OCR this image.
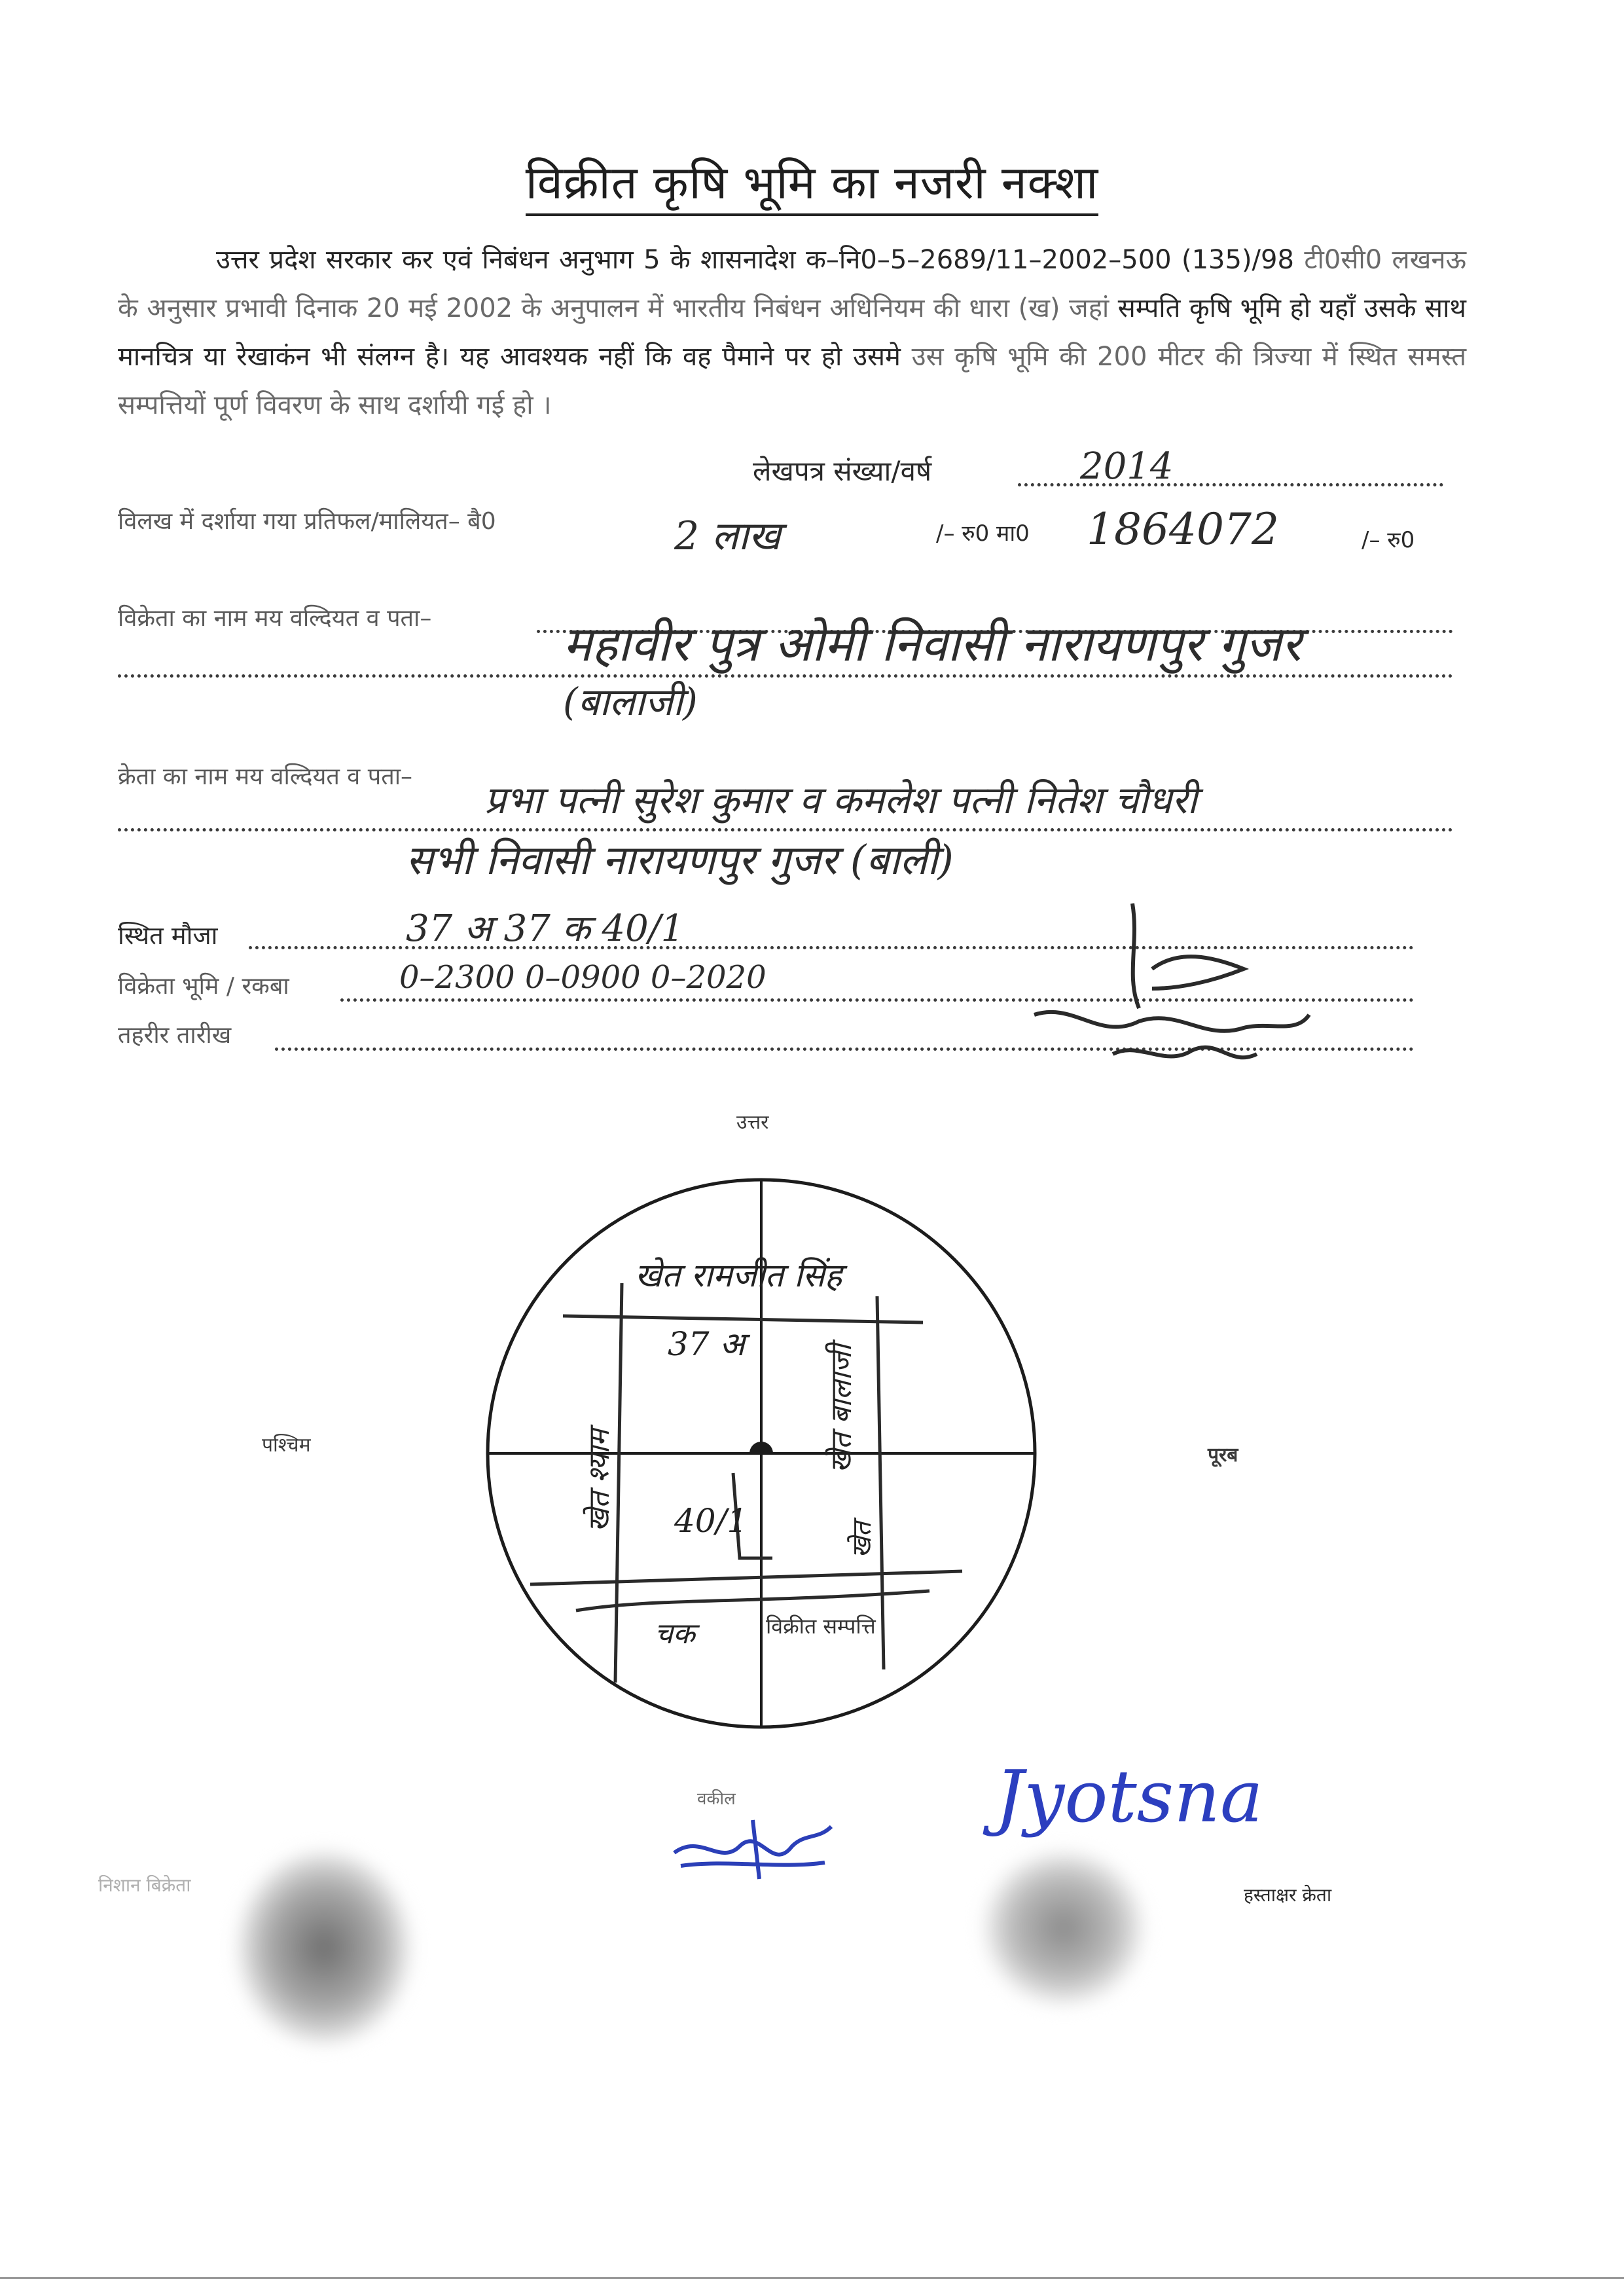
विक्रीत कृषि भूमि का नजरी नक्शा
उत्तर प्रदेश सरकार कर एवं निबंधन अनुभाग 5 के शासनादेश क–नि0–5–2689/11–2002–500 (135)/98 टी0सी0 लखनऊ के अनुसार प्रभावी दिनाक 20 मई 2002 के अनुपालन में भारतीय निबंधन अधिनियम की धारा (ख) जहां सम्पति कृषि भूमि हो यहाँ उसके साथ मानचित्र या रेखाकंन भी संलग्न है। यह आवश्यक नहीं कि वह पैमाने पर हो उसमे उस कृषि भूमि की 200 मीटर की त्रिज्या में स्थित समस्त सम्पत्तियों पूर्ण विवरण के साथ दर्शायी गई हो ।
लेखपत्र संख्या/वर्ष	2014
विलख में दर्शाया गया प्रतिफल/मालियत– बै0	2 लाख	/– रु0 मा0 1864072	/– रु0
विक्रेता का नाम मय वल्दियत व पता–	महावीर पुत्र ओमी निवासी नारायणपुर गुजर
(बालाजी)
क्रेता का नाम मय वल्दियत व पता–
प्रभा पत्नी सुरेश कुमार व कमलेश पत्नी नितेश चौधरी
सभी निवासी नारायणपुर गुजर (बाली)
स्थित मौजा	37 अ 37 क 40/1
विक्रेता भूमि / रकबा	0–2300 0–0900 0–2020
तहरीर तारीख
उत्तर
पश्चिम	पूरब
खेत रामजीत सिंह
37 अ
40/1
खेत श्याम
खेत बालाजी
खेत
चक	विक्रीत सम्पत्ति
वकील	Jyotsna
निशान बिक्रेता	हस्ताक्षर क्रेता
